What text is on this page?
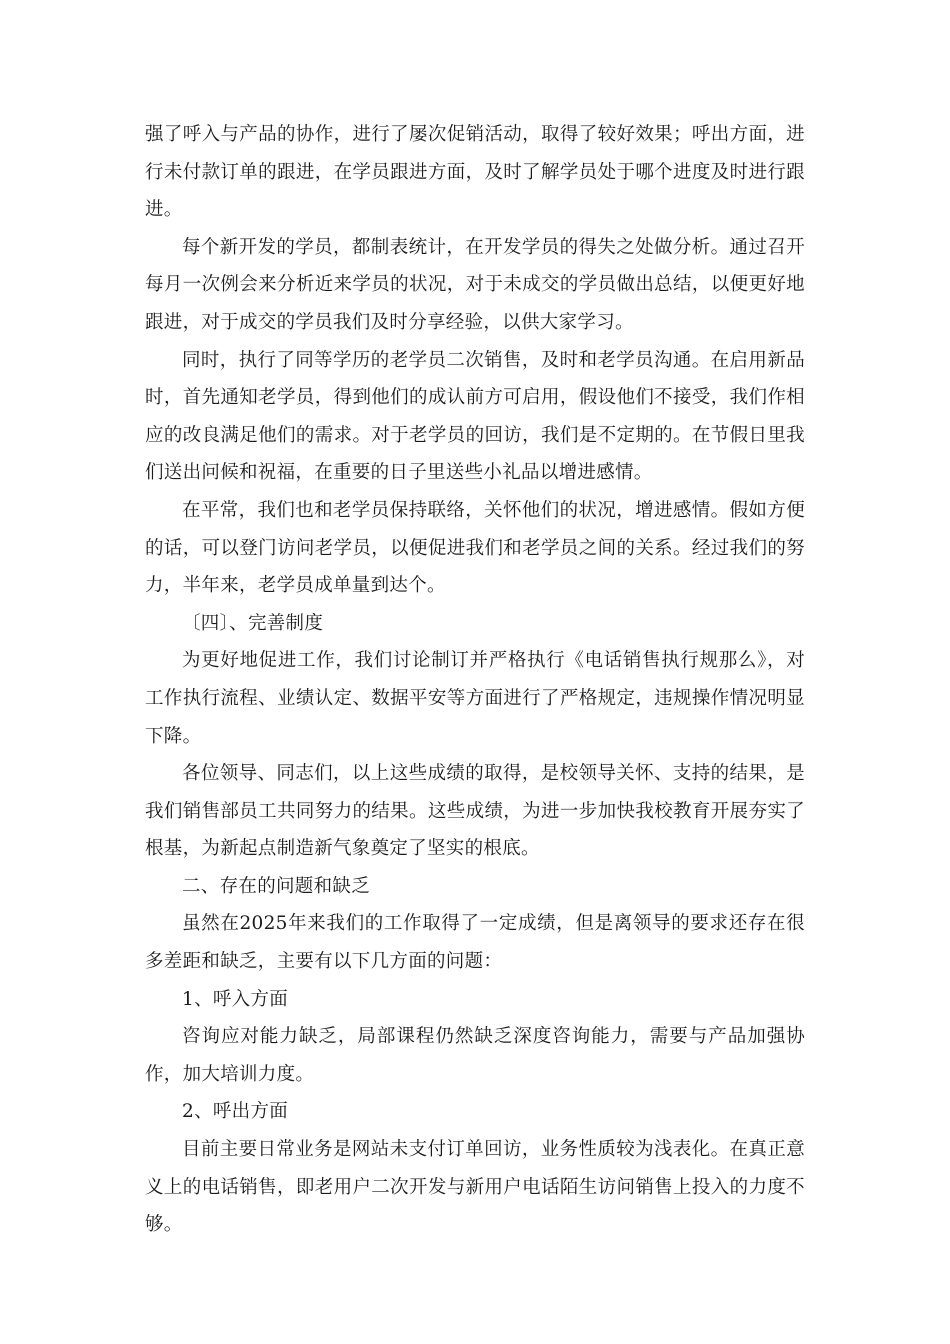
强了呼入与产品的协作，进行了屡次促销活动，取得了较好效果；呼出方面，进行未付款订单的跟进，在学员跟进方面，及时了解学员处于哪个进度及时进行跟进。

每个新开发的学员，都制表统计，在开发学员的得失之处做分析。通过召开每月一次例会来分析近来学员的状况，对于未成交的学员做出总结，以便更好地跟进，对于成交的学员我们及时分享经验，以供大家学习。

同时，执行了同等学历的老学员二次销售，及时和老学员沟通。在启用新品时，首先通知老学员，得到他们的成认前方可启用，假设他们不接受，我们作相应的改良满足他们的需求。对于老学员的回访，我们是不定期的。在节假日里我们送出问候和祝福，在重要的日子里送些小礼品以增进感情。

在平常，我们也和老学员保持联络，关怀他们的状况，增进感情。假如方便的话，可以登门访问老学员，以便促进我们和老学员之间的关系。经过我们的努力，半年来，老学员成单量到达个。

〔四〕、完善制度

为更好地促进工作，我们讨论制订并严格执行《电话销售执行规那么》，对工作执行流程、业绩认定、数据平安等方面进行了严格规定，违规操作情况明显下降。

各位领导、同志们，以上这些成绩的取得，是校领导关怀、支持的结果，是我们销售部员工共同努力的结果。这些成绩，为进一步加快我校教育开展夯实了根基，为新起点制造新气象奠定了坚实的根底。

二、存在的问题和缺乏

虽然在2025年来我们的工作取得了一定成绩，但是离领导的要求还存在很多差距和缺乏，主要有以下几方面的问题：

1、呼入方面

咨询应对能力缺乏，局部课程仍然缺乏深度咨询能力，需要与产品加强协作，加大培训力度。

2、呼出方面

目前主要日常业务是网站未支付订单回访，业务性质较为浅表化。在真正意义上的电话销售，即老用户二次开发与新用户电话陌生访问销售上投入的力度不够。
